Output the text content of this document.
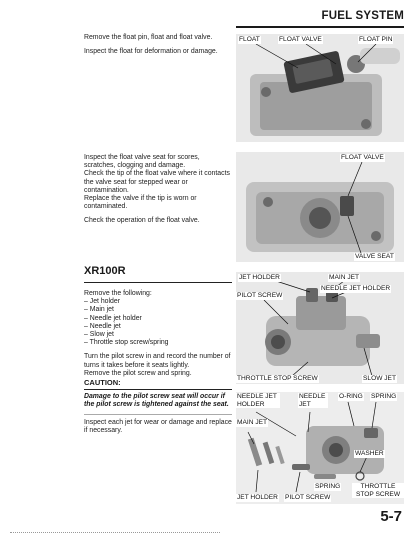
FUEL SYSTEM

Remove the float pin, float and float valve.

Inspect the float for deformation or damage.

FLOAT	FLOAT VALVE	FLOAT PIN

Inspect the float valve seat for scores, scratches, clogging and damage.

Check the tip of the float valve where it contacts the valve seat for stepped wear or contamination.

Replace the valve if the tip is worn or contaminated.

Check the operation of the float valve.

FLOAT VALVE
VALVE SEAT
XR100R

Remove the following:

– Jet holder
– Main jet
– Needle jet holder
– Needle jet
– Slow jet
– Throttle stop screw/spring

Turn the pilot screw in and record the number of turns it takes before it seats lightly.

Remove the pilot screw and spring.

CAUTION:
Damage to the pilot screw seat will occur if the pilot screw is tightened against the seat.
JET HOLDER	MAIN JET
NEEDLE JET HOLDER
PILOT SCREW
THROTTLE STOP SCREW	SLOW JET

Inspect each jet for wear or damage and replace if necessary.

NEEDLE JET HOLDER
NEEDLE JET
O-RING SPRING
MAIN JET
WASHER
SPRING	THROTTLE STOP SCREW
JET HOLDER PILOT SCREW
5-7
